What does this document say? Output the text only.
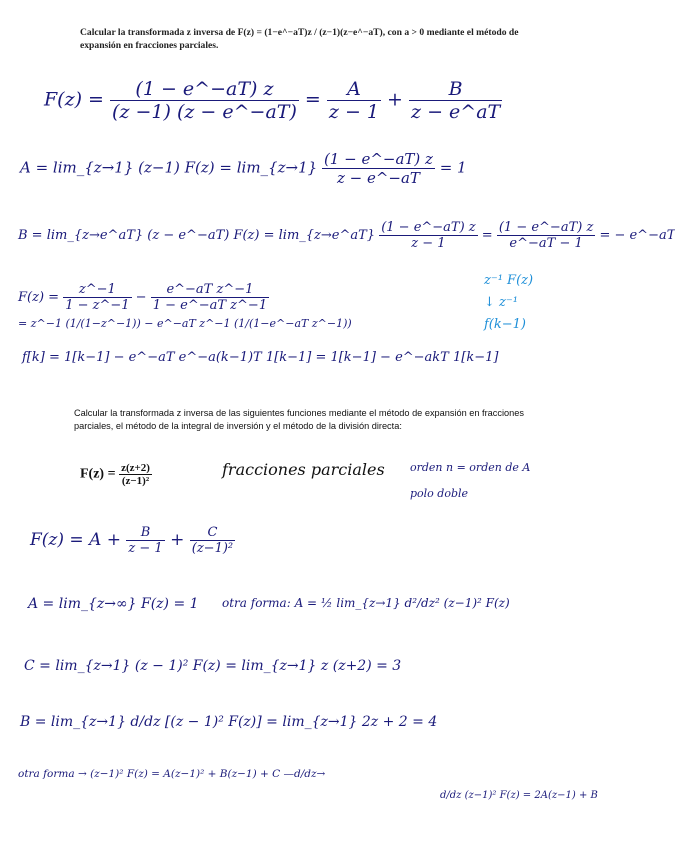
Calcular la transformada z inversa de F(z) = (1−e^−aT)z / (z−1)(z−e^−aT), con a > 0 mediante el método de expansión en fracciones parciales.
$F(z) = \frac{(1 - e\^{}-aT) z}{(z -1) (z - e\^{}-aT)} = \frac{A}{z - 1} + \frac{B}{z - e\^{}aT}$
A = lim_{z→1} (z−1) F(z) = lim_{z→1} $\frac{(1 - e\^{}-aT) z}{z - e\^{}-aT} = 1$
B = lim_{z→e^aT} (z − e^−aT) F(z) = lim_{z→e^aT} $\frac{(1 - e\^{}-aT) z}{z - 1} = \frac{(1 - e\^{}-aT) z}{e\^{}-aT - 1}$ = − e^−aT
$F(z) = \frac{z\^{}-1}{1 - z\^{}-1} - \frac{\text{e\textasciicircum{}−aT z\textasciicircum{}−1}}{\text{1 − e\textasciicircum{}−aT z\textasciicircum{}−1}}$
= z^−1 (1/(1−z^−1)) − e^−aT z^−1 (1/(1−e^−aT z^−1))
z⁻¹ F(z)
↓ z⁻¹
f(k−1)
f[k] = 1[k−1] − e^−aT e^−a(k−1)T 1[k−1] = 1[k−1] − e^−akT 1[k−1]
Calcular la transformada z inversa de las siguientes funciones mediante el método de expansión en fracciones parciales, el método de la integral de inversión y el método de la división directa:
$F(z) = \frac{z(z+2)}{\text{(z−1)²}}$	fracciones parciales orden n = orden de A
polo doble
$F(z) = A + \frac{B}{z - 1} + \frac{C}{\text{(z−1)²}}$
A = lim_{z→∞} F(z) = 1 otra forma: A = ½ lim_{z→1} d²/dz² (z−1)² F(z)
C = lim_{z→1} (z − 1)² F(z) = lim_{z→1} z (z+2) = 3
B = lim_{z→1} d/dz [(z − 1)² F(z)] = lim_{z→1} 2z + 2 = 4
otra forma → (z−1)² F(z) = A(z−1)² + B(z−1) + C —d/dz→
d/dz (z−1)² F(z) = 2A(z−1) + B
